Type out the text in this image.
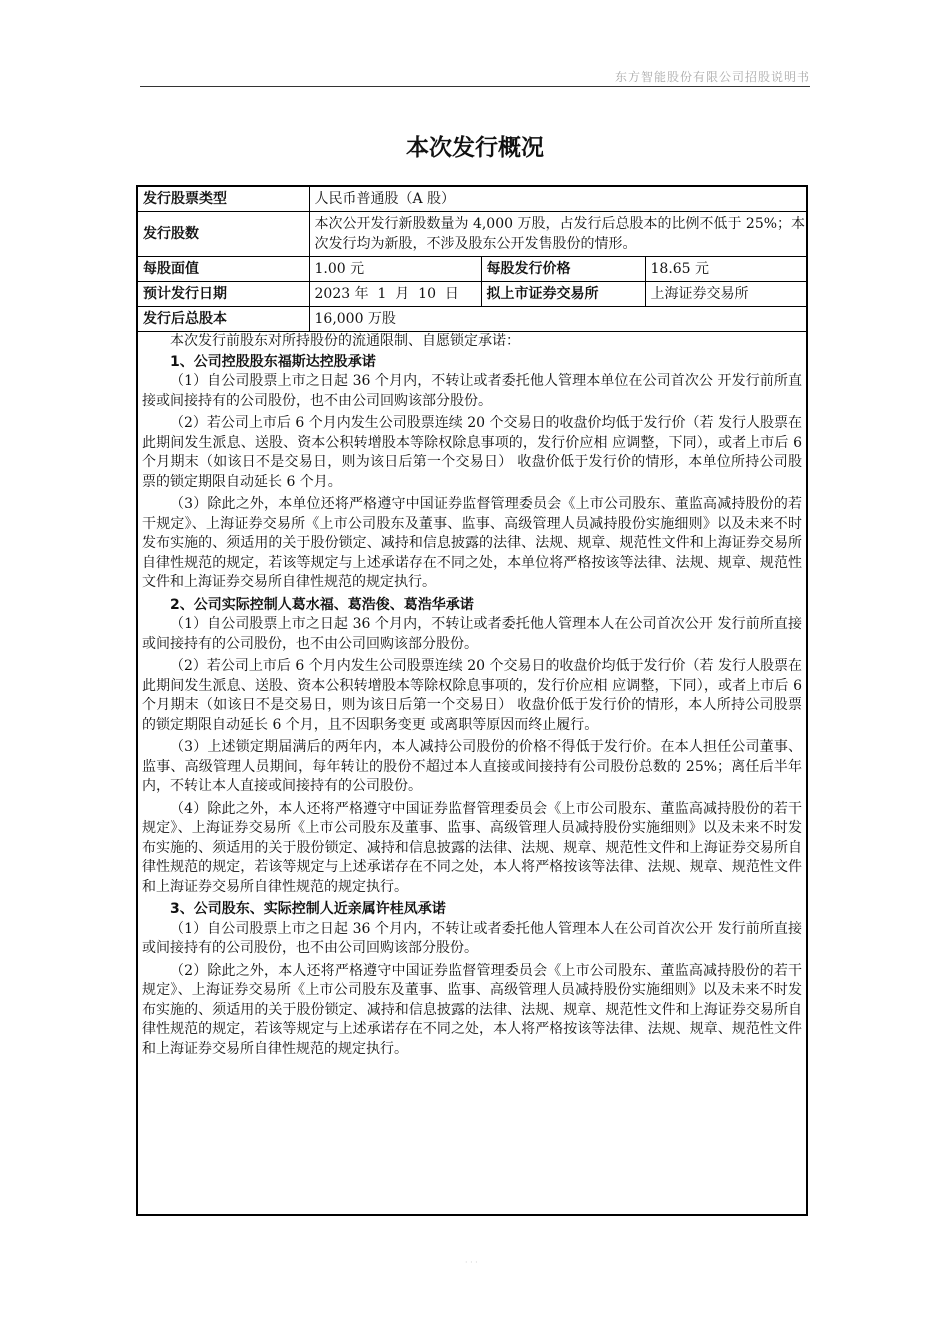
东方智能股份有限公司招股说明书
本次发行概况
发行股票类型	人民币普通股（A 股）		
发行股数	本次公开发行新股数量为 4,000 万股，占发行后总股本的比例不低于 25%；本次发行均为新股，不涉及股东公开发售股份的情形。		
每股面值	1.00 元	每股发行价格	18.65 元
预计发行日期	2023 年  1  月  10  日	拟上市证券交易所	上海证券交易所
发行后总股本	16,000 万股		

本次发行前股东对所持股份的流通限制、自愿锁定承诺：

1、公司控股股东福斯达控股承诺

（1）自公司股票上市之日起 36 个月内，不转让或者委托他人管理本单位在公司首次公 开发行前所直接或间接持有的公司股份，也不由公司回购该部分股份。

（2）若公司上市后 6 个月内发生公司股票连续 20 个交易日的收盘价均低于发行价（若 发行人股票在此期间发生派息、送股、资本公积转增股本等除权除息事项的，发行价应相 应调整，下同），或者上市后 6 个月期末（如该日不是交易日，则为该日后第一个交易日） 收盘价低于发行价的情形，本单位所持公司股票的锁定期限自动延长 6 个月。

（3）除此之外，本单位还将严格遵守中国证券监督管理委员会《上市公司股东、董监高减持股份的若干规定》、上海证券交易所《上市公司股东及董事、监事、高级管理人员减持股份实施细则》以及未来不时发布实施的、须适用的关于股份锁定、减持和信息披露的法律、法规、规章、规范性文件和上海证券交易所自律性规范的规定，若该等规定与上述承诺存在不同之处，本单位将严格按该等法律、法规、规章、规范性文件和上海证券交易所自律性规范的规定执行。

2、公司实际控制人葛水福、葛浩俊、葛浩华承诺

（1）自公司股票上市之日起 36 个月内，不转让或者委托他人管理本人在公司首次公开 发行前所直接或间接持有的公司股份，也不由公司回购该部分股份。

（2）若公司上市后 6 个月内发生公司股票连续 20 个交易日的收盘价均低于发行价（若 发行人股票在此期间发生派息、送股、资本公积转增股本等除权除息事项的，发行价应相 应调整，下同），或者上市后 6 个月期末（如该日不是交易日，则为该日后第一个交易日） 收盘价低于发行价的情形，本人所持公司股票的锁定期限自动延长 6 个月，且不因职务变更 或离职等原因而终止履行。

（3）上述锁定期届满后的两年内，本人减持公司股份的价格不得低于发行价。在本人担任公司董事、监事、高级管理人员期间，每年转让的股份不超过本人直接或间接持有公司股份总数的 25%；离任后半年内，不转让本人直接或间接持有的公司股份。

（4）除此之外，本人还将严格遵守中国证券监督管理委员会《上市公司股东、董监高减持股份的若干规定》、上海证券交易所《上市公司股东及董事、监事、高级管理人员减持股份实施细则》以及未来不时发布实施的、须适用的关于股份锁定、减持和信息披露的法律、法规、规章、规范性文件和上海证券交易所自律性规范的规定，若该等规定与上述承诺存在不同之处，本人将严格按该等法律、法规、规章、规范性文件和上海证券交易所自律性规范的规定执行。

3、公司股东、实际控制人近亲属许桂凤承诺

（1）自公司股票上市之日起 36 个月内，不转让或者委托他人管理本人在公司首次公开 发行前所直接或间接持有的公司股份，也不由公司回购该部分股份。

（2）除此之外，本人还将严格遵守中国证券监督管理委员会《上市公司股东、董监高减持股份的若干规定》、上海证券交易所《上市公司股东及董事、监事、高级管理人员减持股份实施细则》以及未来不时发布实施的、须适用的关于股份锁定、减持和信息披露的法律、法规、规章、规范性文件和上海证券交易所自律性规范的规定，若该等规定与上述承诺存在不同之处，本人将严格按该等法律、法规、规章、规范性文件和上海证券交易所自律性规范的规定执行。

· · ·
